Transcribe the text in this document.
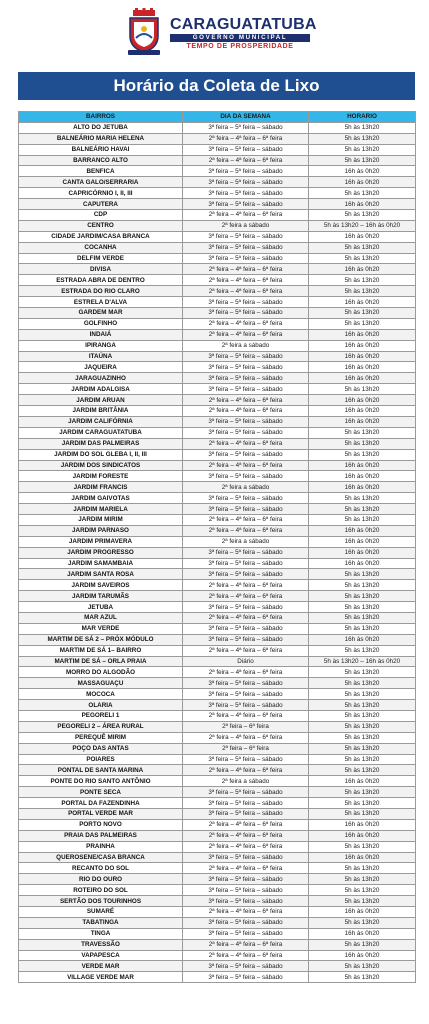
CARAGUATATUBA
GOVERNO MUNICIPAL
TEMPO DE PROSPERIDADE
Horário da Coleta de Lixo
BAIRROS	DIA DA SEMANA	HORARIO
ALTO DO JETUBA	3ª feira – 5ª feira – sábado	5h às 13h20
BALNEÁRIO MARIA HELENA	2ª feira – 4ª feira – 6ª feira	5h às 13h20
BALNEÁRIO HAVAI	3ª feira – 5ª feira – sábado	5h às 13h20
BARRANCO ALTO	2ª feira – 4ª feira – 6ª feira	5h às 13h20
BENFICA	3ª feira – 5ª feira – sábado	16h às 0h20
CANTA GALO/SERRARIA	3ª feira – 5ª feira – sábado	16h às 0h20
CAPRICÓRNIO I, II, III	3ª feira – 5ª feira – sábado	5h às 13h20
CAPUTERA	3ª feira – 5ª feira – sábado	16h às 0h20
CDP	2ª feira – 4ª feira – 6ª feira	5h às 13h20
CENTRO	2ª feira a sábado	5h às 13h20 – 16h às 0h20
CIDADE JARDIM/CASA BRANCA	3ª feira – 5ª feira – sábado	16h às 0h20
COCANHA	3ª feira – 5ª feira – sábado	5h às 13h20
DELFIM VERDE	3ª feira – 5ª feira – sábado	5h às 13h20
DIVISA	2ª feira – 4ª feira – 6ª feira	16h às 0h20
ESTRADA ABRA DE DENTRO	2ª feira – 4ª feira – 6ª feira	5h às 13h20
ESTRADA DO RIO CLARO	2ª feira – 4ª feira – 6ª feira	5h às 13h20
ESTRELA D'ALVA	3ª feira – 5ª feira – sábado	16h às 0h20
GARDEM MAR	3ª feira – 5ª feira – sábado	5h às 13h20
GOLFINHO	2ª feira – 4ª feira – 6ª feira	5h às 13h20
INDAIÁ	2ª feira – 4ª feira – 6ª feira	16h às 0h20
IPIRANGA	2ª feira a sábado	16h às 0h20
ITAÚNA	3ª feira – 5ª feira – sábado	16h às 0h20
JAQUEIRA	3ª feira – 5ª feira – sábado	16h às 0h20
JARAGUAZINHO	3ª feira – 5ª feira – sábado	16h às 0h20
JARDIM ADALGISA	3ª feira – 5ª feira – sábado	5h às 13h20
JARDIM ARUAN	2ª feira – 4ª feira – 6ª feira	16h às 0h20
JARDIM BRITÂNIA	2ª feira – 4ª feira – 6ª feira	16h às 0h20
JARDIM CALIFÓRNIA	3ª feira – 5ª feira – sábado	16h às 0h20
JARDIM CARAGUATATUBA	3ª feira – 5ª feira – sábado	5h às 13h20
JARDIM DAS PALMEIRAS	2ª feira – 4ª feira – 6ª feira	5h às 13h20
JARDIM DO SOL GLEBA I, II, III	3ª feira – 5ª feira – sábado	5h às 13h20
JARDIM DOS SINDICATOS	2ª feira – 4ª feira – 6ª feira	16h às 0h20
JARDIM FORESTE	3ª feira – 5ª feira – sábado	16h às 0h20
JARDIM FRANCIS	2ª feira a sábado	16h às 0h20
JARDIM GAIVOTAS	3ª feira – 5ª feira – sábado	5h às 13h20
JARDIM MARIELA	3ª feira – 5ª feira – sábado	5h às 13h20
JARDIM MIRIM	2ª feira – 4ª feira – 6ª feira	5h às 13h20
JARDIM PARNASO	2ª feira – 4ª feira – 6ª feira	16h às 0h20
JARDIM PRIMAVERA	2ª feira a sábado	16h às 0h20
JARDIM PROGRESSO	3ª feira – 5ª feira – sábado	16h às 0h20
JARDIM SAMAMBAIA	3ª feira – 5ª feira – sábado	16h às 0h20
JARDIM SANTA ROSA	3ª feira – 5ª feira – sábado	5h às 13h20
JARDIM SAVEIROS	2ª feira – 4ª feira – 6ª feira	5h às 13h20
JARDIM TARUMÃS	2ª feira – 4ª feira – 6ª feira	5h às 13h20
JETUBA	3ª feira – 5ª feira – sábado	5h às 13h20
MAR AZUL	2ª feira – 4ª feira – 6ª feira	5h às 13h20
MAR VERDE	3ª feira – 5ª feira – sábado	5h às 13h20
MARTIM DE SÁ 2 – PRÓX MÓDULO	3ª feira – 5ª feira – sábado	16h às 0h20
MARTIM DE SÁ 1– BAIRRO	2ª feira – 4ª feira – 6ª feira	5h às 13h20
MARTIM DE SÁ – ORLA PRAIA	Diário	5h às 13h20 – 16h às 0h20
MORRO DO ALGODÃO	2ª feira – 4ª feira – 6ª feira	5h às 13h20
MASSAGUAÇU	3ª feira – 5ª feira – sábado	5h às 13h20
MOCOCA	3ª feira – 5ª feira – sábado	5h às 13h20
OLARIA	3ª feira – 5ª feira – sábado	5h às 13h20
PEGORELI 1	2ª feira – 4ª feira – 6ª feira	5h às 13h20
PEGORELI 2 – ÁREA RURAL	2ª feira – 6ª feira	5h às 13h20
PEREQUÊ MIRIM	2ª feira – 4ª feira – 6ª feira	5h às 13h20
POÇO DAS ANTAS	2ª feira – 6ª feira	5h às 13h20
POIARES	3ª feira – 5ª feira – sábado	5h às 13h20
PONTAL DE SANTA MARINA	2ª feira – 4ª feira – 6ª feira	5h às 13h20
PONTE DO RIO SANTO ANTÔNIO	2ª feira a sábado	16h às 0h20
PONTE SECA	3ª feira – 5ª feira – sábado	5h às 13h20
PORTAL DA FAZENDINHA	3ª feira – 5ª feira – sábado	5h às 13h20
PORTAL VERDE MAR	3ª feira – 5ª feira – sábado	5h às 13h20
PORTO NOVO	2ª feira – 4ª feira – 6ª feira	16h às 0h20
PRAIA DAS PALMEIRAS	2ª feira – 4ª feira – 6ª feira	16h às 0h20
PRAINHA	2ª feira – 4ª feira – 6ª feira	5h às 13h20
QUEROSENE/CASA BRANCA	3ª feira – 5ª feira – sábado	16h às 0h20
RECANTO DO SOL	2ª feira – 4ª feira – 6ª feira	5h às 13h20
RIO DO OURO	3ª feira – 5ª feira – sábado	5h às 13h20
ROTEIRO DO SOL	3ª feira – 5ª feira – sábado	5h às 13h20
SERTÃO DOS TOURINHOS	3ª feira – 5ª feira – sábado	5h às 13h20
SUMARÉ	2ª feira – 4ª feira – 6ª feira	16h às 0h20
TABATINGA	3ª feira – 5ª feira – sábado	5h às 13h20
TINGA	3ª feira – 5ª feira – sábado	16h às 0h20
TRAVESSÃO	2ª feira – 4ª feira – 6ª feira	5h às 13h20
VAPAPESCA	2ª feira – 4ª feira – 6ª feira	16h às 0h20
VERDE MAR	3ª feira – 5ª feira – sábado	5h às 13h20
VILLAGE VERDE MAR	3ª feira – 5ª feira – sábado	5h às 13h20
